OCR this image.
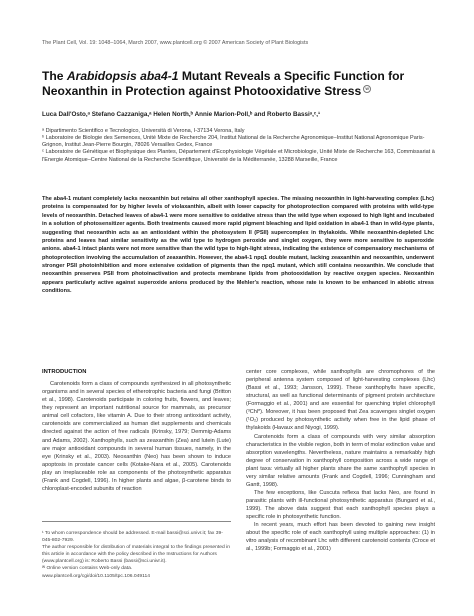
The Plant Cell, Vol. 19: 1048–1064, March 2007, www.plantcell.org © 2007 American Society of Plant Biologists
The Arabidopsis aba4-1 Mutant Reveals a Specific Function for Neoxanthin in Protection against Photooxidative Stress W
Luca Dall'Osto,ᵃ Stefano Cazzaniga,ᵃ Helen North,ᵇ Annie Marion-Poll,ᵇ and Roberto Bassiᵃ,ᶜ,¹

ᵃ Dipartimento Scientifico e Tecnologico, Università di Verona, I-37134 Verona, Italy

ᵇ Laboratoire de Biologie des Semences, Unité Mixte de Recherche 204, Institut National de la Recherche Agronomique–Institut National Agronomique Paris-Grignon, Institut Jean-Pierre Bourgin, 78026 Versailles Cedex, France

ᶜ Laboratoire de Génétique et Biophysique des Plantes, Département d'Ecophysiologie Végétale et Microbiologie, Unité Mixte de Recherche 163, Commissariat à l'Energie Atomique–Centre National de la Recherche Scientifique, Université de la Méditerranée, 13288 Marseille, France

The aba4-1 mutant completely lacks neoxanthin but retains all other xanthophyll species. The missing neoxanthin in light-harvesting complex (Lhc) proteins is compensated for by higher levels of violaxanthin, albeit with lower capacity for photoprotection compared with proteins with wild-type levels of neoxanthin. Detached leaves of aba4-1 were more sensitive to oxidative stress than the wild type when exposed to high light and incubated in a solution of photosensitizer agents. Both treatments caused more rapid pigment bleaching and lipid oxidation in aba4-1 than in wild-type plants, suggesting that neoxanthin acts as an antioxidant within the photosystem II (PSII) supercomplex in thylakoids. While neoxanthin-depleted Lhc proteins and leaves had similar sensitivity as the wild type to hydrogen peroxide and singlet oxygen, they were more sensitive to superoxide anions. aba4-1 intact plants were not more sensitive than the wild type to high-light stress, indicating the existence of compensatory mechanisms of photoprotection involving the accumulation of zeaxanthin. However, the aba4-1 npq1 double mutant, lacking zeaxanthin and neoxanthin, underwent stronger PSII photoinhibition and more extensive oxidation of pigments than the npq1 mutant, which still contains neoxanthin. We conclude that neoxanthin preserves PSII from photoinactivation and protects membrane lipids from photooxidation by reactive oxygen species. Neoxanthin appears particularly active against superoxide anions produced by the Mehler's reaction, whose rate is known to be enhanced in abiotic stress conditions.
INTRODUCTION

Carotenoids form a class of compounds synthesized in all photosynthetic organisms and in several species of etherotrophic bacteria and fungi (Britton et al., 1998). Carotenoids participate in coloring fruits, flowers, and leaves; they represent an important nutritional source for mammals, as precursor animal cell cofactors, like vitamin A. Due to their strong antioxidant activity, carotenoids are commercialized as human diet supplements and chemicals directed against the action of free radicals (Krinsky, 1979; Demmig-Adams and Adams, 2002). Xanthophylls, such as zeaxanthin (Zea) and lutein (Lute) are major antioxidant compounds in several human tissues, namely, in the eye (Krinsky et al., 2003). Neoxanthin (Neo) has been shown to induce apoptosis in prostate cancer cells (Kotake-Nara et al., 2005). Carotenoids play an irreplaceable role as components of the photosynthetic apparatus (Frank and Cogdell, 1996). In higher plants and algae, β-carotene binds to chloroplast-encoded subunits of reaction

center core complexes, while xanthophylls are chromophores of the peripheral antenna system composed of light-harvesting complexes (Lhc) (Bassi et al., 1993; Jansson, 1999). These xanthophylls have specific, structural, as well as functional determinants of pigment protein architecture (Formaggio et al., 2001) and are essential for quenching triplet chlorophyll (³Chl*). Moreover, it has been proposed that Zea scavenges singlet oxygen (¹O₂) produced by photosynthetic activity when free in the lipid phase of thylakoids (Havaux and Niyogi, 1999).

Carotenoids form a class of compounds with very similar absorption characteristics in the visible region, both in term of molar extinction value and absorption wavelengths. Nevertheless, nature maintains a remarkably high degree of conservation in xanthophyll composition across a wide range of plant taxa: virtually all higher plants share the same xanthophyll species in very similar relative amounts (Frank and Cogdell, 1996; Cunningham and Gantt, 1998).

The few exceptions, like Cuscuta reflexa that lacks Neo, are found in parasitic plants with ill-functional photosynthetic apparatus (Bungard et al., 1999). The above data suggest that each xanthophyll species plays a specific role in photosynthetic function.

In recent years, much effort has been devoted to gaining new insight about the specific role of each xanthophyll using multiple approaches: (1) in vitro analysis of recombinant Lhc with different carotenoid contents (Croce et al., 1999b; Formaggio et al., 2001)

¹ To whom correspondence should be addressed. E-mail bassi@sci.univr.it; fax 39-045-802-7929.

The author responsible for distribution of materials integral to the findings presented in this article in accordance with the policy described in the Instructions for Authors (www.plantcell.org) is: Roberto Bassi (bassi@sci.univr.it).

ᵂ Online version contains Web-only data.

www.plantcell.org/cgi/doi/10.1105/tpc.106.049114
